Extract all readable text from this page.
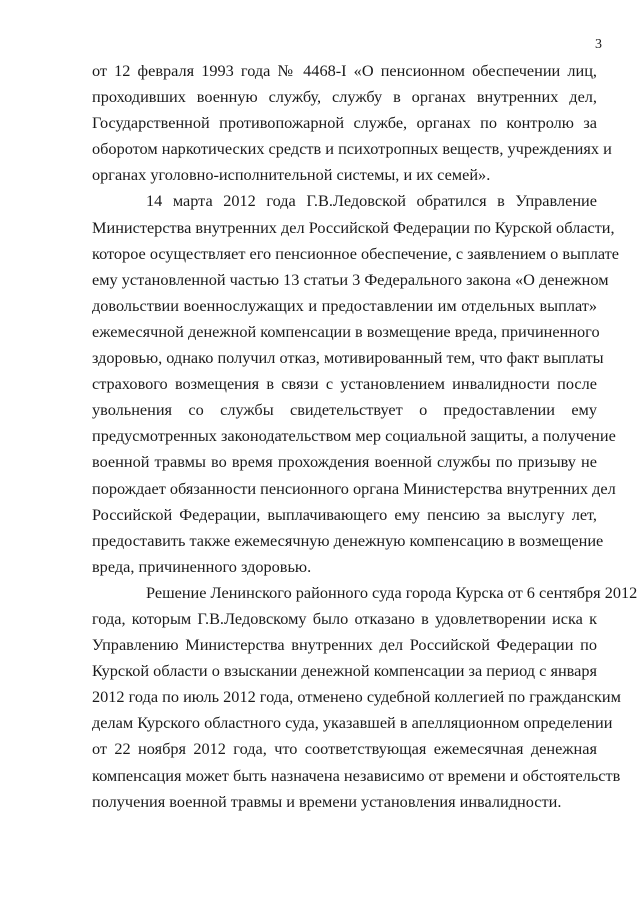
3
от 12 февраля 1993 года № 4468-I «О пенсионном обеспечении лиц,
проходивших военную службу, службу в органах внутренних дел,
Государственной противопожарной службе, органах по контролю за
оборотом наркотических средств и психотропных веществ, учреждениях и
органах уголовно-исполнительной системы, и их семей».
14 марта 2012 года Г.В.Ледовской обратился в Управление
Министерства внутренних дел Российской Федерации по Курской области,
которое осуществляет его пенсионное обеспечение, с заявлением о выплате
ему установленной частью 13 статьи 3 Федерального закона «О денежном
довольствии военнослужащих и предоставлении им отдельных выплат»
ежемесячной денежной компенсации в возмещение вреда, причиненного
здоровью, однако получил отказ, мотивированный тем, что факт выплаты
страхового возмещения в связи с установлением инвалидности после
увольнения со службы свидетельствует о предоставлении ему
предусмотренных законодательством мер социальной защиты, а получение
военной травмы во время прохождения военной службы по призыву не
порождает обязанности пенсионного органа Министерства внутренних дел
Российской Федерации, выплачивающего ему пенсию за выслугу лет,
предоставить также ежемесячную денежную компенсацию в возмещение
вреда, причиненного здоровью.
Решение Ленинского районного суда города Курска от 6 сентября 2012
года, которым Г.В.Ледовскому было отказано в удовлетворении иска к
Управлению Министерства внутренних дел Российской Федерации по
Курской области о взыскании денежной компенсации за период с января
2012 года по июль 2012 года, отменено судебной коллегией по гражданским
делам Курского областного суда, указавшей в апелляционном определении
от 22 ноября 2012 года, что соответствующая ежемесячная денежная
компенсация может быть назначена независимо от времени и обстоятельств
получения военной травмы и времени установления инвалидности.
